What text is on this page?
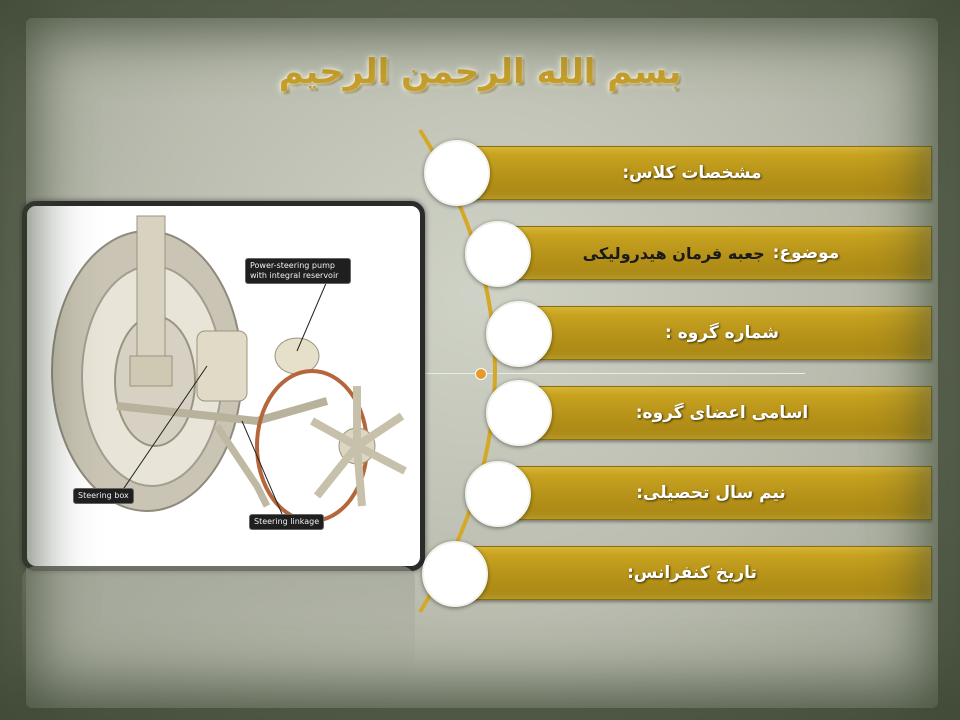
بسم الله الرحمن الرحیم
Power-steering pump with integral reservoir
Steering box
Steering linkage
مشخصات کلاس:
موضوع:
جعبه فرمان هیدرولیکی
شماره گروه :
اسامی اعضای گروه:
نیم سال تحصیلی:
تاریخ کنفرانس:
